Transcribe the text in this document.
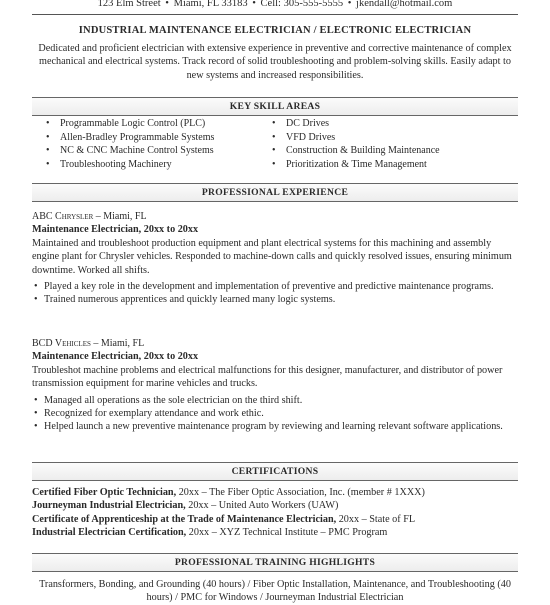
123 Elm Street • Miami, FL 33183 • Cell: 305-555-5555 • jkendall@hotmail.com
INDUSTRIAL MAINTENANCE ELECTRICIAN / ELECTRONIC ELECTRICIAN
Dedicated and proficient electrician with extensive experience in preventive and corrective maintenance of complex mechanical and electrical systems. Track record of solid troubleshooting and problem-solving skills. Easily adapt to new systems and increased responsibilities.
KEY SKILL AREAS
• Programmable Logic Control (PLC)
• Allen-Bradley Programmable Systems
• NC & CNC Machine Control Systems
• Troubleshooting Machinery
• DC Drives
• VFD Drives
• Construction & Building Maintenance
• Prioritization & Time Management
PROFESSIONAL EXPERIENCE

ABC Chrysler – Miami, FL

Maintenance Electrician, 20xx to 20xx

Maintained and troubleshoot production equipment and plant electrical systems for this machining and assembly engine plant for Chrysler vehicles. Responded to machine-down calls and quickly resolved issues, ensuring minimum downtime. Worked all shifts.

• Played a key role in the development and implementation of preventive and predictive maintenance programs.
• Trained numerous apprentices and quickly learned many logic systems.

BCD Vehicles – Miami, FL

Maintenance Electrician, 20xx to 20xx

Troubleshot machine problems and electrical malfunctions for this designer, manufacturer, and distributor of power transmission equipment for marine vehicles and trucks.

• Managed all operations as the sole electrician on the third shift.
• Recognized for exemplary attendance and work ethic.
• Helped launch a new preventive maintenance program by reviewing and learning relevant software applications.
CERTIFICATIONS
Certified Fiber Optic Technician, 20xx – The Fiber Optic Association, Inc. (member # 1XXX)
Journeyman Industrial Electrician, 20xx – United Auto Workers (UAW)
Certificate of Apprenticeship at the Trade of Maintenance Electrician, 20xx – State of FL
Industrial Electrician Certification, 20xx – XYZ Technical Institute – PMC Program
PROFESSIONAL TRAINING HIGHLIGHTS
Transformers, Bonding, and Grounding (40 hours) / Fiber Optic Installation, Maintenance, and Troubleshooting (40 hours) / PMC for Windows / Journeyman Industrial Electrician
